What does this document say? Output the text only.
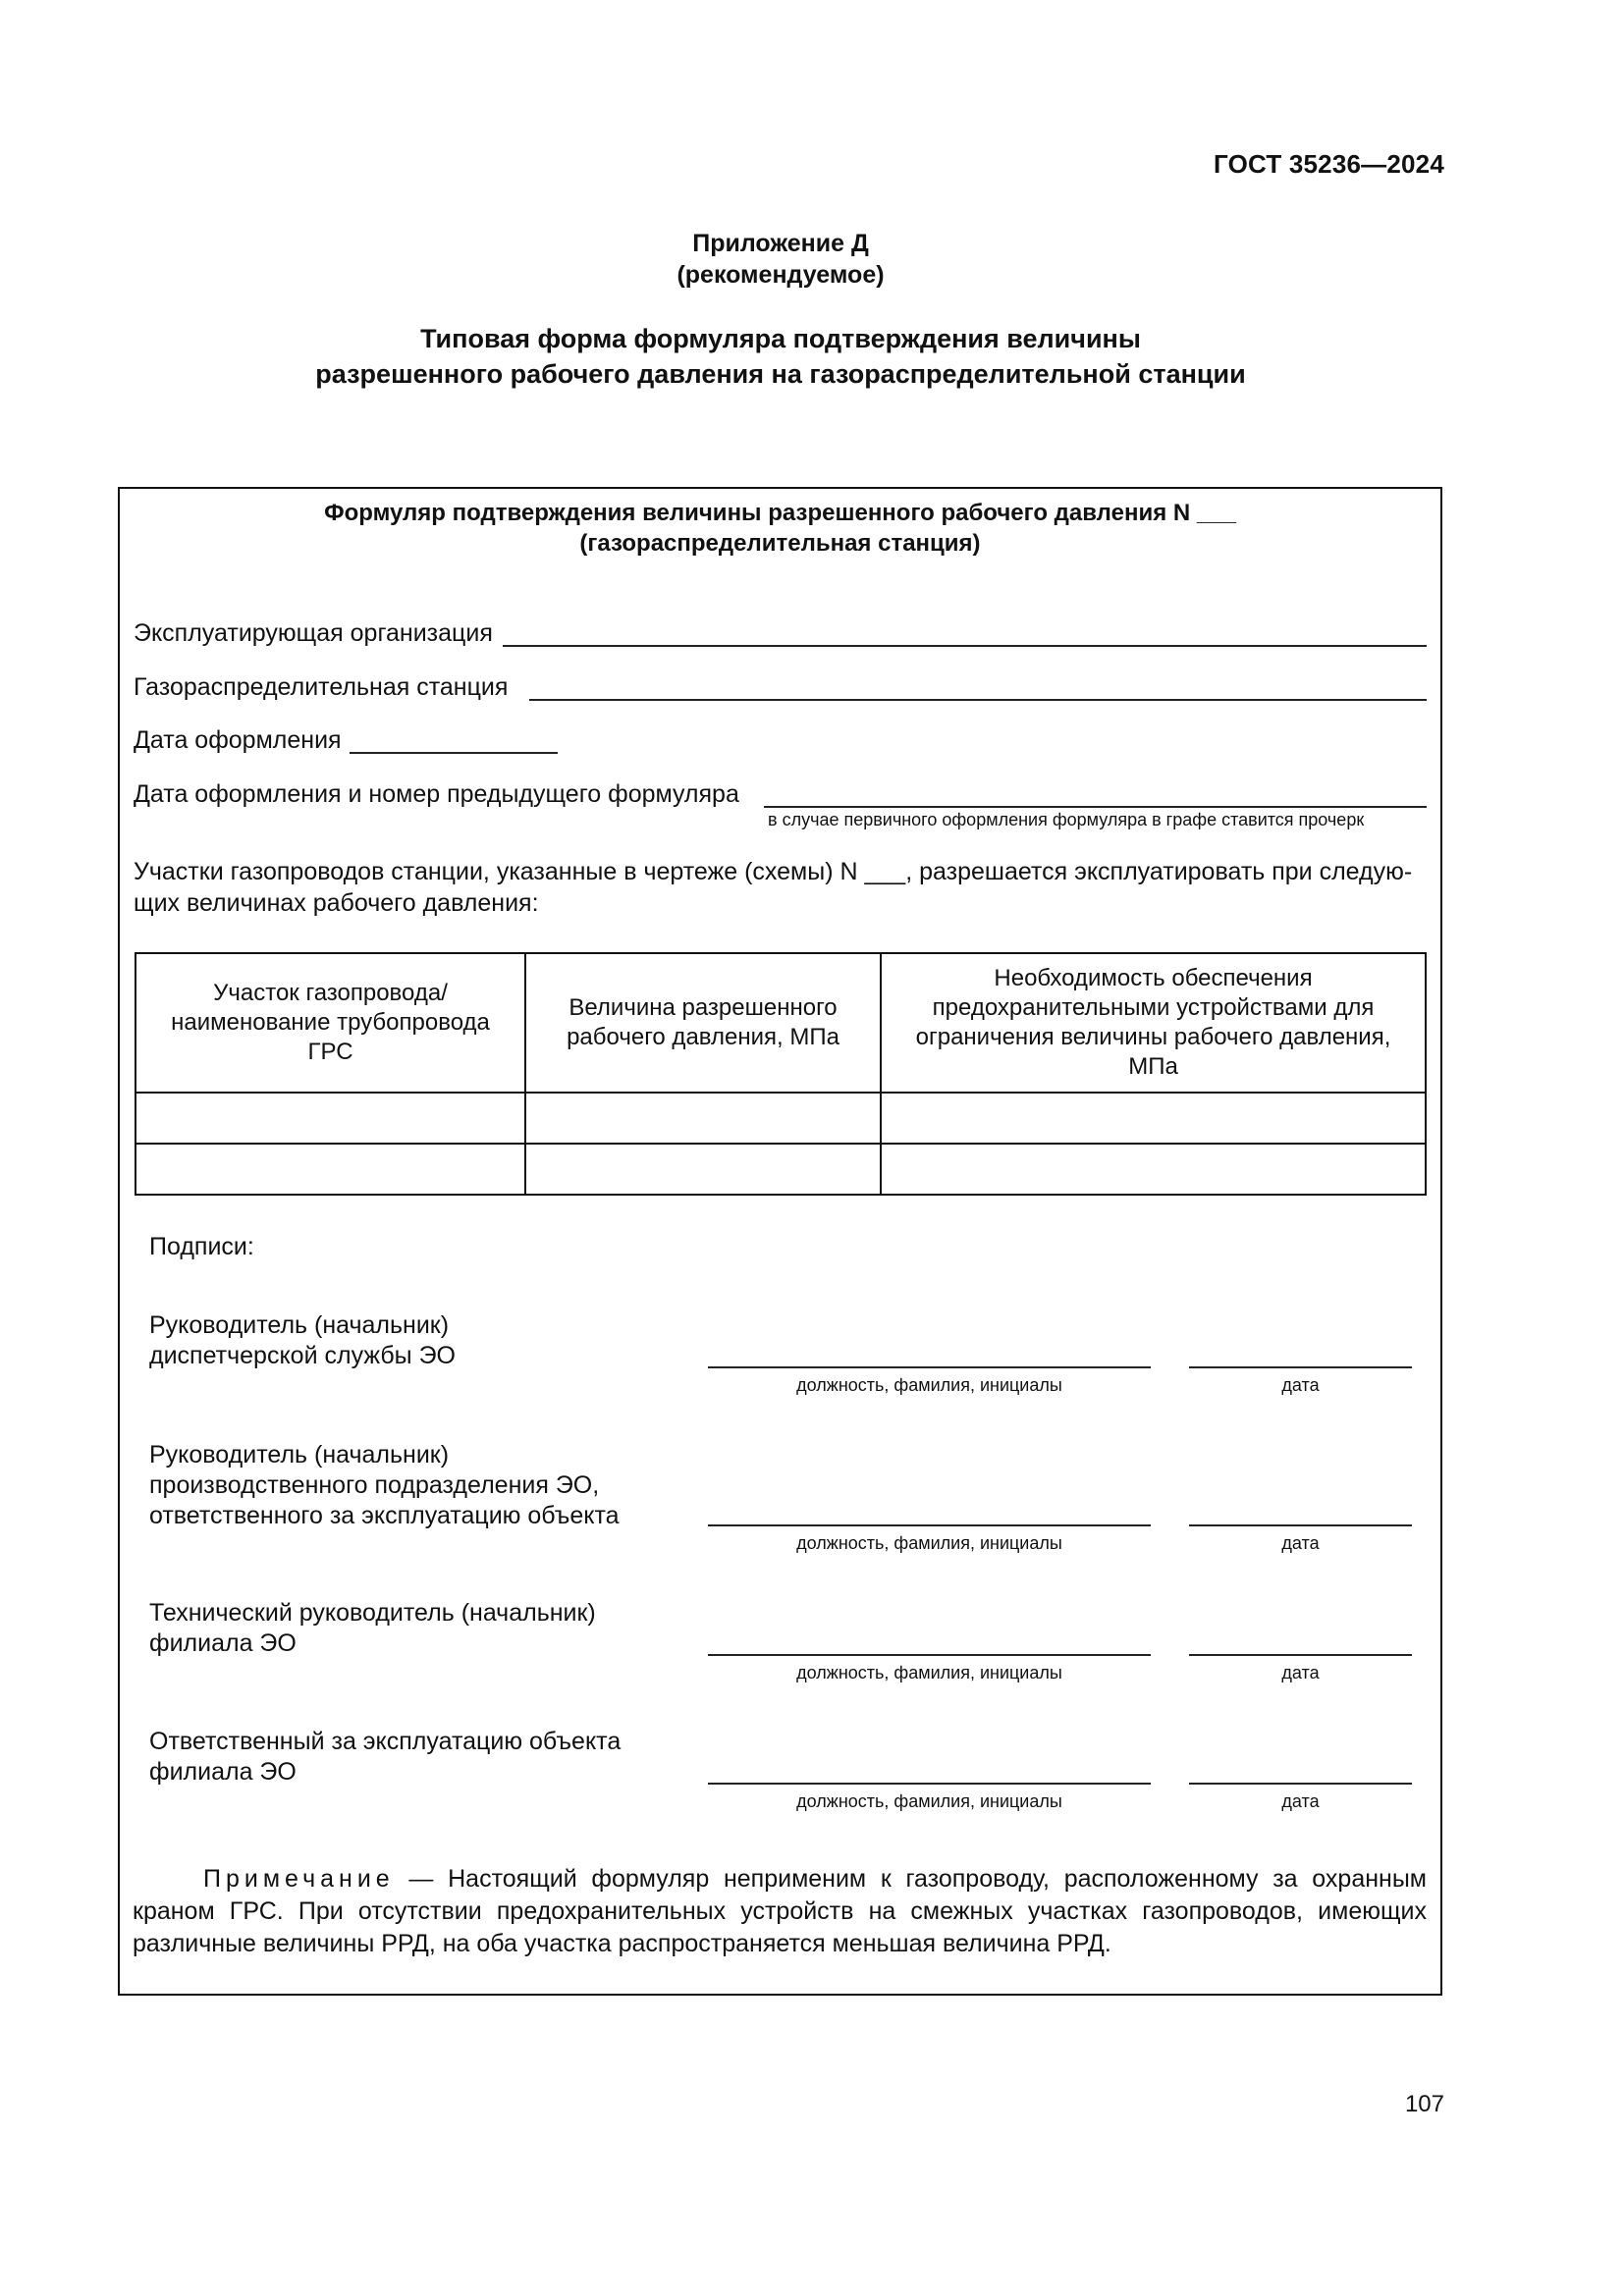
ГОСТ 35236—2024
Приложение Д
(рекомендуемое)
Типовая форма формуляра подтверждения величины
разрешенного рабочего давления на газораспределительной станции
Формуляр подтверждения величины разрешенного рабочего давления N ___
(газораспределительная станция)
Эксплуатирующая организация
Газораспределительная станция
Дата оформления
Дата оформления и номер предыдущего формуляра
в случае первичного оформления формуляра в графе ставится прочерк
Участки газопроводов станции, указанные в чертеже (схемы) N ___, разрешается эксплуатировать при следую-
щих величинах рабочего давления:
Участок газопровода/ наименование трубопровода ГРС	Величина разрешенного рабочего давления, МПа	Необходимость обеспечения предохранительными устройствами для ограничения величины рабочего давления, МПа

Подписи:
Руководитель (начальник)
диспетчерской службы ЭО
должность, фамилия, инициалы	дата
Руководитель (начальник)
производственного подразделения ЭО,
ответственного за эксплуатацию объекта
должность, фамилия, инициалы	дата
Технический руководитель (начальник)
филиала ЭО
должность, фамилия, инициалы	дата
Ответственный за эксплуатацию объекта
филиала ЭО
должность, фамилия, инициалы	дата
Примечание — Настоящий формуляр неприменим к газопроводу, расположенному за охранным краном ГРС. При отсутствии предохранительных устройств на смежных участках газопроводов, имеющих различные величины РРД, на оба участка распространяется меньшая величина РРД.
107
